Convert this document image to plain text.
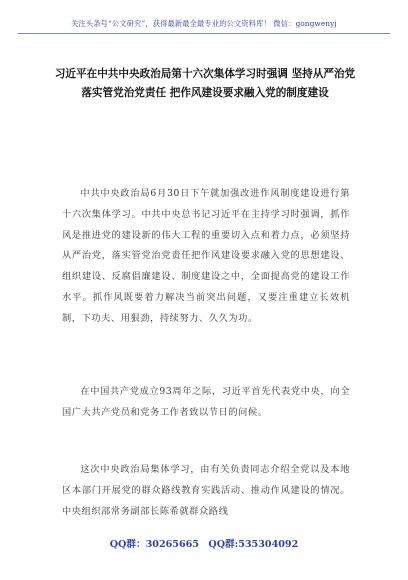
关注头条号“公文研究”，获得最新最全最专业的公文资料库！ 微信：gongwenyj
习近平在中共中央政治局第十六次集体学习时强调 坚持从严治党落实管党治党责任 把作风建设要求融入党的制度建设
中共中央政治局6月30日下午就加强改进作风制度建设进行第十六次集体学习。中共中央总书记习近平在主持学习时强调，抓作风是推进党的建设新的伟大工程的重要切入点和着力点，必须坚持从严治党，落实管党治党责任把作风建设要求融入党的思想建设、组织建设、反腐倡廉建设、制度建设之中，全面提高党的建设工作水平。抓作风既要着力解决当前突出问题，又要注重建立长效机制，下功夫、用狠劲，持续努力、久久为功。
在中国共产党成立93周年之际，习近平首先代表党中央，向全国广大共产党员和党务工作者致以节日的问候。
这次中央政治局集体学习，由有关负责同志介绍全党以及本地区本部门开展党的群众路线教育实践活动、推动作风建设的情况。中央组织部常务副部长陈希就群众路线
QQ群：30265665 QQ群:535304092
